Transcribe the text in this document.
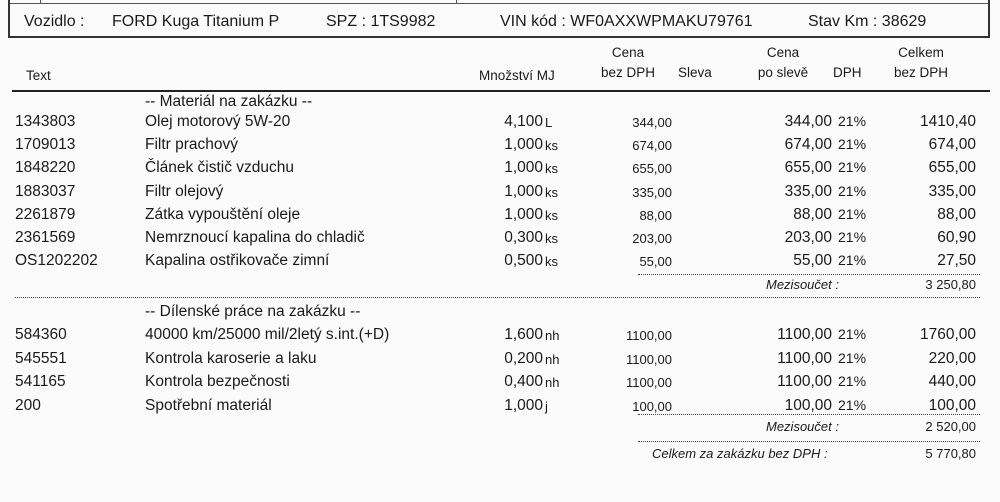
Vozidlo : FORD Kuga Titanium P	SPZ : 1TS9982	VIN kód : WF0AXXWPMAKU79761	Stav Km : 38629
Text	Množství MJ
Cena
bez DPH Sleva
Cena
po slevě	DPH
Celkem
bez DPH
-- Materiál na zakázku --
1343803	Olej motorový 5W-20	4,100 L	344,00	344,00 21%	1410,40
1709013	Filtr prachový	1,000 ks	674,00	674,00 21%	674,00
1848220	Článek čistič vzduchu	1,000 ks	655,00	655,00 21%	655,00
1883037	Filtr olejový	1,000 ks	335,00	335,00 21%	335,00
2261879	Zátka vypouštění oleje	1,000 ks	88,00	88,00 21%	88,00
2361569	Nemrznoucí kapalina do chladič	0,300 ks	203,00	203,00 21%	60,90
OS1202202	Kapalina ostřikovače zimní	0,500 ks	55,00	55,00 21%	27,50
Mezisoučet :	3 250,80
-- Dílenské práce na zakázku --
584360	40000 km/25000 mil/2letý s.int.(+D)	1,600 nh	1100,00	1100,00 21%	1760,00
545551	Kontrola karoserie a laku	0,200 nh	1100,00	1100,00 21%	220,00
541165	Kontrola bezpečnosti	0,400 nh	1100,00	1100,00 21%	440,00
200	Spotřební materiál	1,000 j	100,00	100,00 21%	100,00
Mezisoučet :	2 520,00
Celkem za zakázku bez DPH :	5 770,80
